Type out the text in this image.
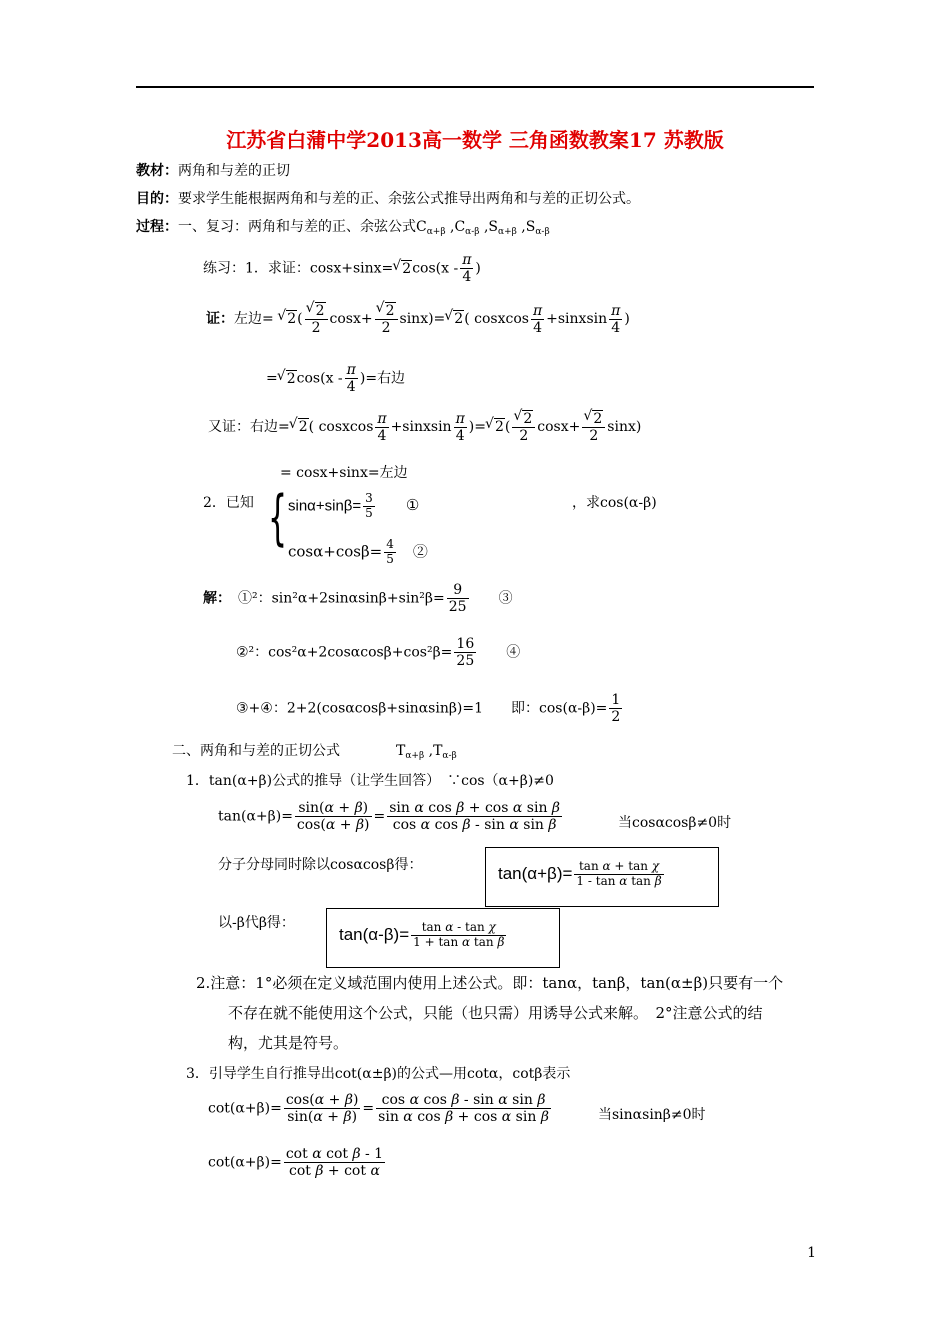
江苏省白蒲中学2013高一数学 三角函数教案17 苏教版
教材：两角和与差的正切
目的：要求学生能根据两角和与差的正、余弦公式推导出两角和与差的正切公式。
过程：一、复习：两角和与差的正、余弦公式$C_{\alpha+\beta}$ $,C_{\alpha-\beta}$ $,S_{\alpha+\beta}$ $,S_{\alpha-\beta}$
练习：1．求证：cosx+sinx=√ $2\cos(x - \frac{\pi}{4}$ )
证：左边= √ 2(
√ $\frac{2}{2} \cos x+$
√ $\frac{2}{2} \sin x)=√$ 2( cosxcos $\frac{\pi}{4}$ +sinxsin $\frac{\pi}{4}$ )
=√ $2\cos(x - \frac{\pi}{4}$ )=右边
又证：右边=√ 2( cosxcos $\frac{\pi}{4}$ +sinxsin $\frac{\pi}{4}$ )=√ 2(
√ $\frac{2}{2} \cos x+$
√ $\frac{2}{2} \sin x$)
= cosx+sinx=左边
2．已知 { $\sin\alpha+\sin\beta= \frac{3}{5}$
　 ①
$\cos\alpha+\cos\beta= \frac{4}{5}$
　 ②
，求cos(α-β)
解：　 ①²：$\sin^2\alpha+2\sin\alpha\sin\beta+\sin^2\beta= \frac{9}{25}$
　　 ③
②²：$\cos^2\alpha+2\cos\alpha\cos\beta+\cos^2\beta= \frac{16}{25}$
　　 ④
③+④：2+2(cosαcosβ+sinαsinβ)=1　　即：$\cos(\alpha-\beta)= \frac{1}{2}$
二、两角和与差的正切公式　　　　	$T_{\alpha+\beta}$ $,T_{\alpha-\beta}$
1．tan(α+β)公式的推导（让学生回答）　∵cos（α+β)≠0
$\tan(\alpha+\beta)= \frac{\sin(\alpha + \beta)}{\cos(\alpha + \beta)} = \frac{\text{sin α cos β + cos α sin β}}{\text{cos α cos β - sin α sin β}}$	当cosαcosβ≠0时
分子分母同时除以cosαcosβ得：	$\tan(\alpha+\beta)= \frac{\text{tan α + tan χ}}{\text{1 - tan α tan β}}$
以-β代β得：
$\tan(\alpha-\beta)= \frac{\text{tan α - tan χ}}{\text{1 + tan α tan β}}$
2.注意：1°必须在定义域范围内使用上述公式。即：tanα，tanβ，tan(α±β)只要有一个
不存在就不能使用这个公式，只能（也只需）用诱导公式来解。　2°注意公式的结
构，尤其是符号。
3．引导学生自行推导出cot(α±β)的公式—用cotα，cotβ表示
$\cot(\alpha+\beta)= \frac{\cos(\alpha + \beta)}{\sin(\alpha + \beta)} = \frac{\text{cos α cos β - sin α sin β}}{\text{sin α cos β + cos α sin β}}$	当sinαsinβ≠0时
$\cot(\alpha+\beta)= \frac{\text{cot α cot β - 1}}{\text{cot β + cot α}}$
1
